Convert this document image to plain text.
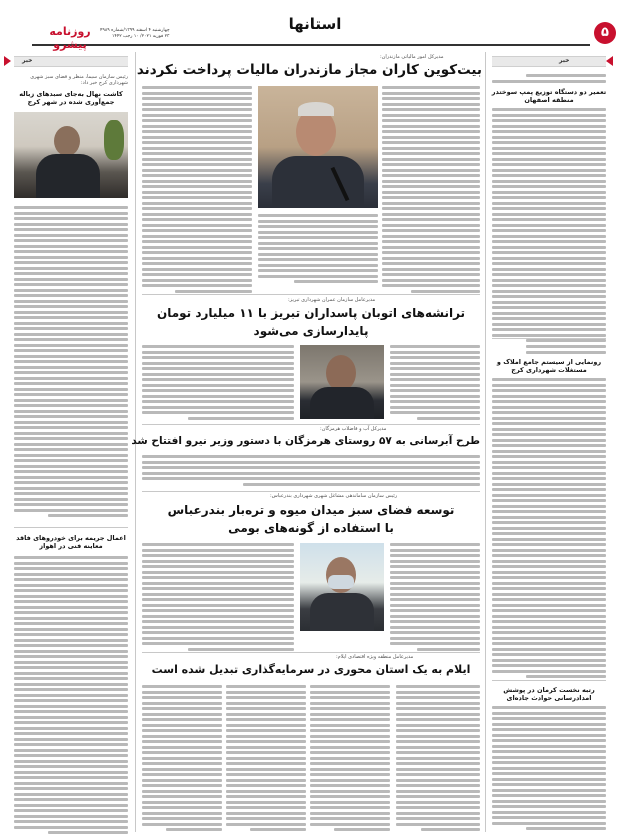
۵
استانها
روزنامه پیشرو
چهارشنبه ۴ اسفند ۱۳۹۹/شماره ۴۹۸۹
۲۳ فوریه ۲۰۲۱/ ۱۰ رجب ۱۴۴۲
خبر
تعمیر دو دستگاه توزیع پمپ سوختدر منطقه اصفهان
رونمایی از سیستم جامع املاک و مستغلات شهرداری کرج
رتبه نخست کرمان در پوشش امدادرسانی حوادث جاده‌ای
خبر
رئیس سازمان سیما، منظر و فضای سبز شهری شهرداری کرج خبر داد:
کاشت نهال به‌جای سبدهای زباله جمع‌آوری شده در شهر کرج
اعمال جریمه برای خودروهای فاقد معاینه فنی در اهواز
مدیرکل امور مالیاتی مازندران:
بیت‌کوین کاران مجاز مازندران مالیات پرداخت نکردند
مدیرعامل سازمان عمران شهرداری تبریز:
ترانشه‌های اتوبان پاسداران تبریز با ۱۱ میلیارد تومان
پایدارسازی می‌شود
مدیرکل آب و فاضلاب هرمزگان:
طرح آبرسانی به ۵۷ روستای هرمزگان با دستور وزیر نیرو افتتاح شد
رئیس سازمان ساماندهی مشاغل شهری شهرداری بندرعباس:
توسعه فضای سبز میدان میوه و تره‌بار بندرعباس
با استفاده از گونه‌های بومی
مدیرعامل منطقه ویژه اقتصادی ایلام:
ایلام به یک استان محوری در سرمایه‌گذاری تبدیل شده است
